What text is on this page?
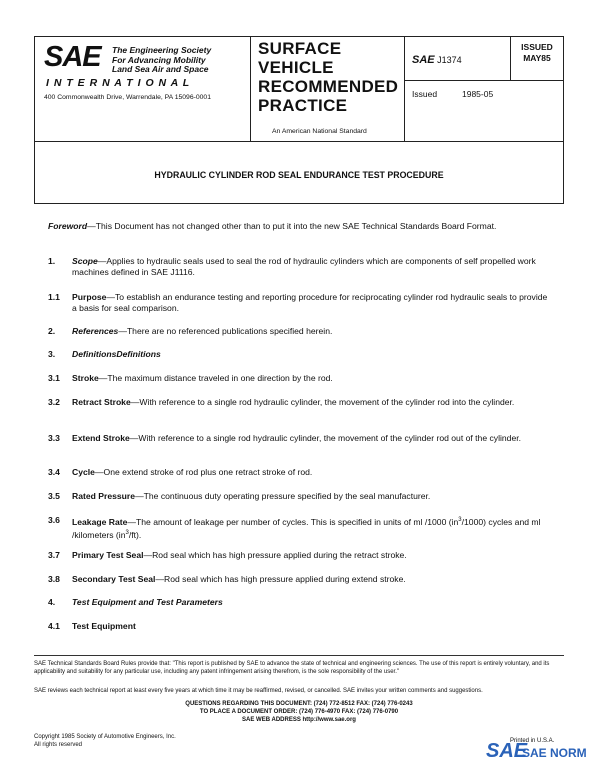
SAE The Engineering Society
For Advancing Mobility
Land Sea Air and Space
I N T E R N A T I O N A L
400 Commonwealth Drive, Warrendale, PA 15096-0001
SURFACE
VEHICLE
RECOMMENDED
PRACTICE
An American National Standard
SAE J1374
Issued	1985-05
ISSUED
MAY85
HYDRAULIC CYLINDER ROD SEAL ENDURANCE TEST PROCEDURE
Foreword—This Document has not changed other than to put it into the new SAE Technical Standards Board Format.
1. Scope—Applies to hydraulic seals used to seal the rod of hydraulic cylinders which are components of self propelled work machines defined in SAE J1116.
1.1 Purpose—To establish an endurance testing and reporting procedure for reciprocating cylinder rod hydraulic seals to provide a basis for seal comparison.
2. References—There are no referenced publications specified herein.
3. DefinitionsDefinitions
3.1 Stroke—The maximum distance traveled in one direction by the rod.
3.2 Retract Stroke—With reference to a single rod hydraulic cylinder, the movement of the cylinder rod into the cylinder.
3.3 Extend Stroke—With reference to a single rod hydraulic cylinder, the movement of the cylinder rod out of the cylinder.
3.4 Cycle—One extend stroke of rod plus one retract stroke of rod.
3.5 Rated Pressure—The continuous duty operating pressure specified by the seal manufacturer.
3.6 Leakage Rate—The amount of leakage per number of cycles. This is specified in units of ml /1000 $(in^3/1000)$ cycles and ml /kilometers $(in^3/ft)$.
3.7 Primary Test Seal—Rod seal which has high pressure applied during the retract stroke.
3.8 Secondary Test Seal—Rod seal which has high pressure applied during extend stroke.
4. Test Equipment and Test Parameters
4.1 Test Equipment
SAE Technical Standards Board Rules provide that: "This report is published by SAE to advance the state of technical and engineering sciences. The use of this report is entirely voluntary, and its applicability and suitability for any particular use, including any patent infringement arising therefrom, is the sole responsibility of the user."
SAE reviews each technical report at least every five years at which time it may be reaffirmed, revised, or cancelled. SAE invites your written comments and suggestions.
QUESTIONS REGARDING THIS DOCUMENT: (724) 772-8512 FAX: (724) 776-0243
TO PLACE A DOCUMENT ORDER: (724) 776-4970 FAX: (724) 776-0790
SAE WEB ADDRESS http://www.sae.org
Copyright 1985 Society of Automotive Engineers, Inc.
All rights reserved
Printed in U.S.A.
SAE
SAE NORM
